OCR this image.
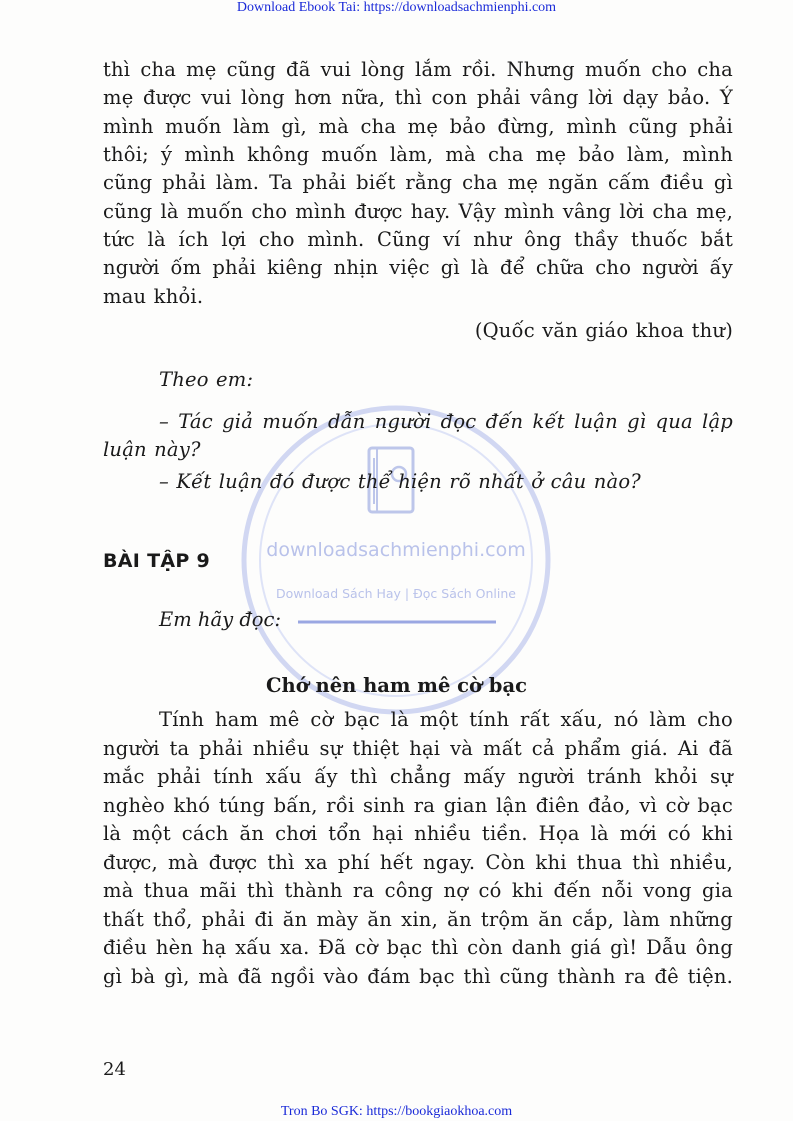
downloadsachmienphi.com
Download Sách Hay | Đọc Sách Online
Download Ebook Tai: https://downloadsachmienphi.com
thì cha mẹ cũng đã vui lòng lắm rồi. Nhưng muốn cho cha
mẹ được vui lòng hơn nữa, thì con phải vâng lời dạy bảo. Ý
mình muốn làm gì, mà cha mẹ bảo đừng, mình cũng phải
thôi; ý mình không muốn làm, mà cha mẹ bảo làm, mình
cũng phải làm. Ta phải biết rằng cha mẹ ngăn cấm điều gì
cũng là muốn cho mình được hay. Vậy mình vâng lời cha mẹ,
tức là ích lợi cho mình. Cũng ví như ông thầy thuốc bắt
người ốm phải kiêng nhịn việc gì là để chữa cho người ấy
mau khỏi.
(Quốc văn giáo khoa thư)
Theo em:
– Tác giả muốn dẫn người đọc đến kết luận gì qua lập
luận này?
– Kết luận đó được thể hiện rõ nhất ở câu nào?
BÀI TẬP 9
Em hãy đọc:
Chớ nên ham mê cờ bạc
Tính ham mê cờ bạc là một tính rất xấu, nó làm cho
người ta phải nhiều sự thiệt hại và mất cả phẩm giá. Ai đã
mắc phải tính xấu ấy thì chẳng mấy người tránh khỏi sự
nghèo khó túng bấn, rồi sinh ra gian lận điên đảo, vì cờ bạc
là một cách ăn chơi tổn hại nhiều tiền. Họa là mới có khi
được, mà được thì xa phí hết ngay. Còn khi thua thì nhiều,
mà thua mãi thì thành ra công nợ có khi đến nỗi vong gia
thất thổ, phải đi ăn mày ăn xin, ăn trộm ăn cắp, làm những
điều hèn hạ xấu xa. Đã cờ bạc thì còn danh giá gì! Dẫu ông
gì bà gì, mà đã ngồi vào đám bạc thì cũng thành ra đê tiện.
24
Tron Bo SGK: https://bookgiaokhoa.com
